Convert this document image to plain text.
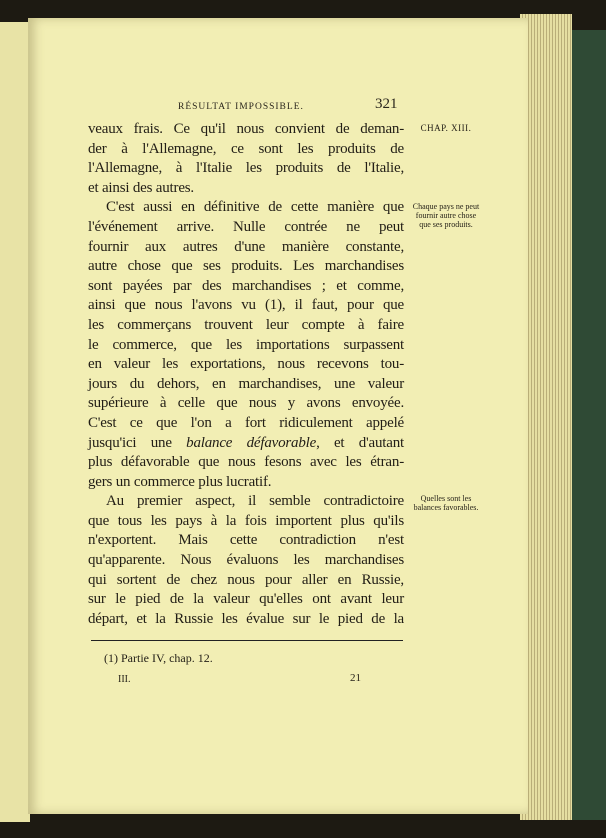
RÉSULTAT IMPOSSIBLE.	321
veaux frais. Ce qu'il nous convient de deman-
der à l'Allemagne, ce sont les produits de
l'Allemagne, à l'Italie les produits de l'Italie,
et ainsi des autres.
C'est aussi en définitive de cette manière que
l'événement arrive. Nulle contrée ne peut
fournir aux autres d'une manière constante,
autre chose que ses produits. Les marchandises
sont payées par des marchandises ; et comme,
ainsi que nous l'avons vu (1), il faut, pour que
les commerçans trouvent leur compte à faire
le commerce, que les importations surpassent
en valeur les exportations, nous recevons tou-
jours du dehors, en marchandises, une valeur
supérieure à celle que nous y avons envoyée.
C'est ce que l'on a fort ridiculement appelé
jusqu'ici une balance défavorable, et d'autant
plus défavorable que nous fesons avec les étran-
gers un commerce plus lucratif.
Au premier aspect, il semble contradictoire
que tous les pays à la fois importent plus qu'ils
n'exportent. Mais cette contradiction n'est
qu'apparente. Nous évaluons les marchandises
qui sortent de chez nous pour aller en Russie,
sur le pied de la valeur qu'elles ont avant leur
départ, et la Russie les évalue sur le pied de la
CHAP. XIII.
Chaque pays ne peut fournir autre chose que ses produits.
Quelles sont les balances favorables.
(1) Partie IV, chap. 12.
III.	21
